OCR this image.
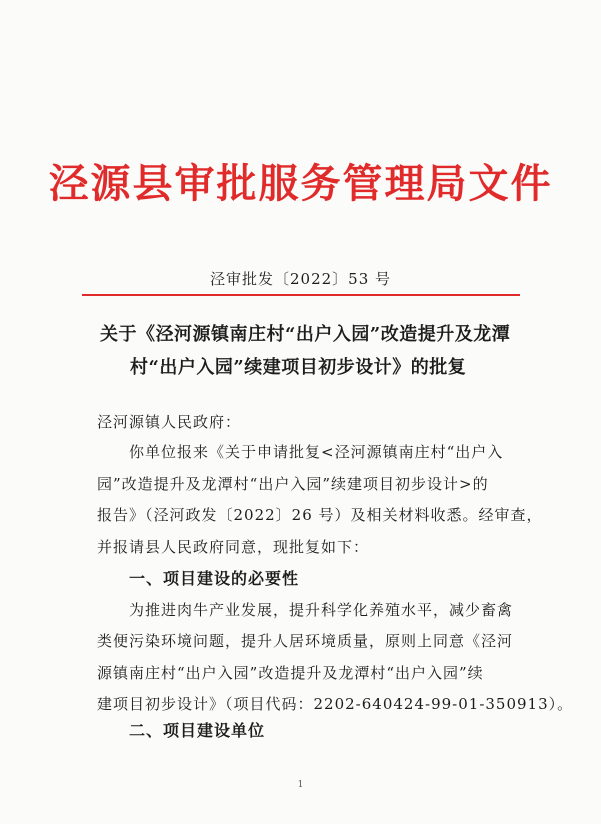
泾源县审批服务管理局文件
泾审批发〔2022〕53 号
关于《泾河源镇南庄村“出户入园”改造提升及龙潭
村“出户入园”续建项目初步设计》的批复
泾河源镇人民政府：
你单位报来《关于申请批复<泾河源镇南庄村“出户入
园”改造提升及龙潭村“出户入园”续建项目初步设计>的
报告》（泾河政发〔2022〕26 号）及相关材料收悉。经审查，
并报请县人民政府同意，现批复如下：
一、项目建设的必要性
为推进肉牛产业发展，提升科学化养殖水平，减少畜禽
类便污染环境问题，提升人居环境质量，原则上同意《泾河
源镇南庄村“出户入园”改造提升及龙潭村“出户入园”续
建项目初步设计》（项目代码：2202-640424-99-01-350913）。
二、项目建设单位
1
